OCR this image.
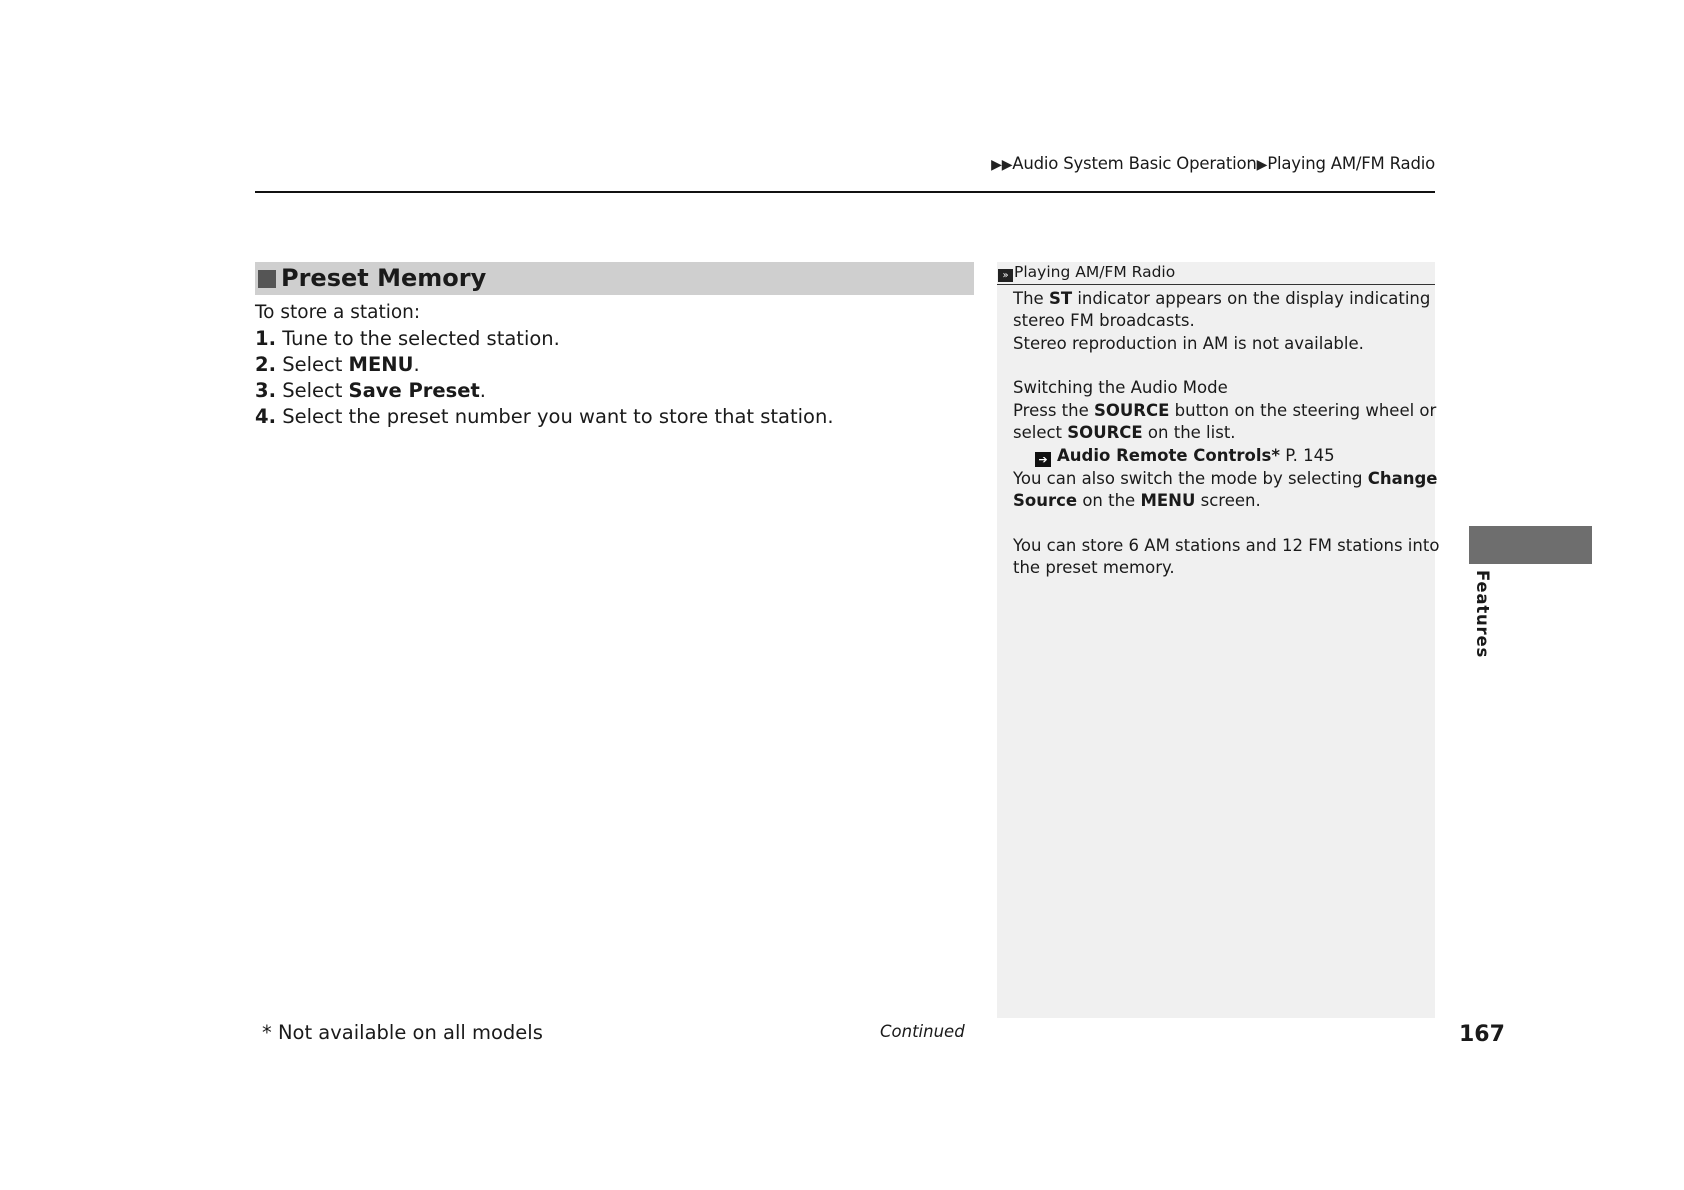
▶▶Audio System Basic Operation▶Playing AM/FM Radio
Preset Memory
To store a station:
1. Tune to the selected station.
2. Select MENU.
3. Select Save Preset.
4. Select the preset number you want to store that station.
» Playing AM/FM Radio
The ST indicator appears on the display indicating
stereo FM broadcasts.
Stereo reproduction in AM is not available.
Switching the Audio Mode
Press the SOURCE button on the steering wheel or
select SOURCE on the list.
➔ Audio Remote Controls* P. 145
You can also switch the mode by selecting Change
Source on the MENU screen.
You can store 6 AM stations and 12 FM stations into
the preset memory.
Features
* Not available on all models	Continued	167
